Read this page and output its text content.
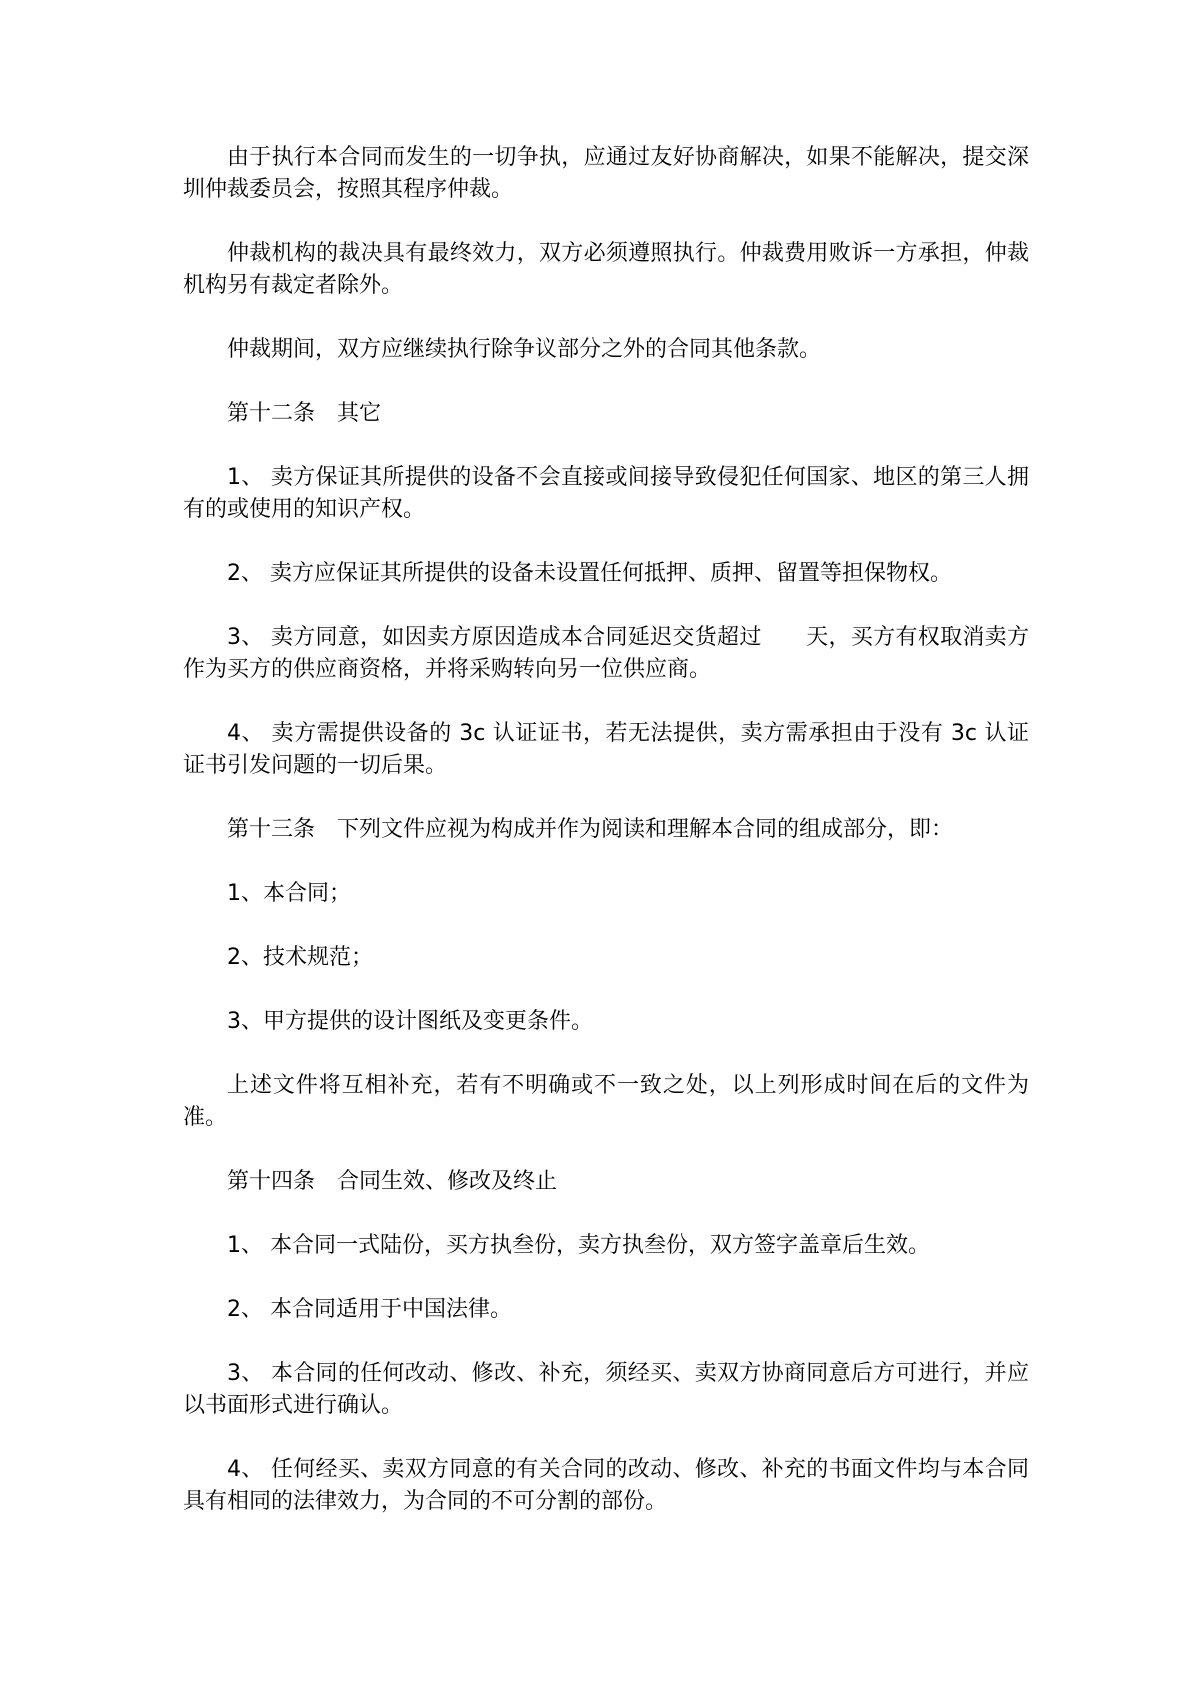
由于执行本合同而发生的一切争执，应通过友好协商解决，如果不能解决，提交深圳仲裁委员会，按照其程序仲裁。

仲裁机构的裁决具有最终效力，双方必须遵照执行。仲裁费用败诉一方承担，仲裁机构另有裁定者除外。

仲裁期间，双方应继续执行除争议部分之外的合同其他条款。

第十二条　其它

1、 卖方保证其所提供的设备不会直接或间接导致侵犯任何国家、地区的第三人拥有的或使用的知识产权。

2、 卖方应保证其所提供的设备未设置任何抵押、质押、留置等担保物权。

3、 卖方同意，如因卖方原因造成本合同延迟交货超过　　天，买方有权取消卖方作为买方的供应商资格，并将采购转向另一位供应商。

4、 卖方需提供设备的 3c 认证证书，若无法提供，卖方需承担由于没有 3c 认证证书引发问题的一切后果。

第十三条　下列文件应视为构成并作为阅读和理解本合同的组成部分，即：

1、本合同；

2、技术规范；

3、甲方提供的设计图纸及变更条件。

上述文件将互相补充，若有不明确或不一致之处，以上列形成时间在后的文件为准。

第十四条　合同生效、修改及终止

1、 本合同一式陆份，买方执叁份，卖方执叁份，双方签字盖章后生效。

2、 本合同适用于中国法律。

3、 本合同的任何改动、修改、补充，须经买、卖双方协商同意后方可进行，并应以书面形式进行确认。

4、 任何经买、卖双方同意的有关合同的改动、修改、补充的书面文件均与本合同具有相同的法律效力，为合同的不可分割的部份。
